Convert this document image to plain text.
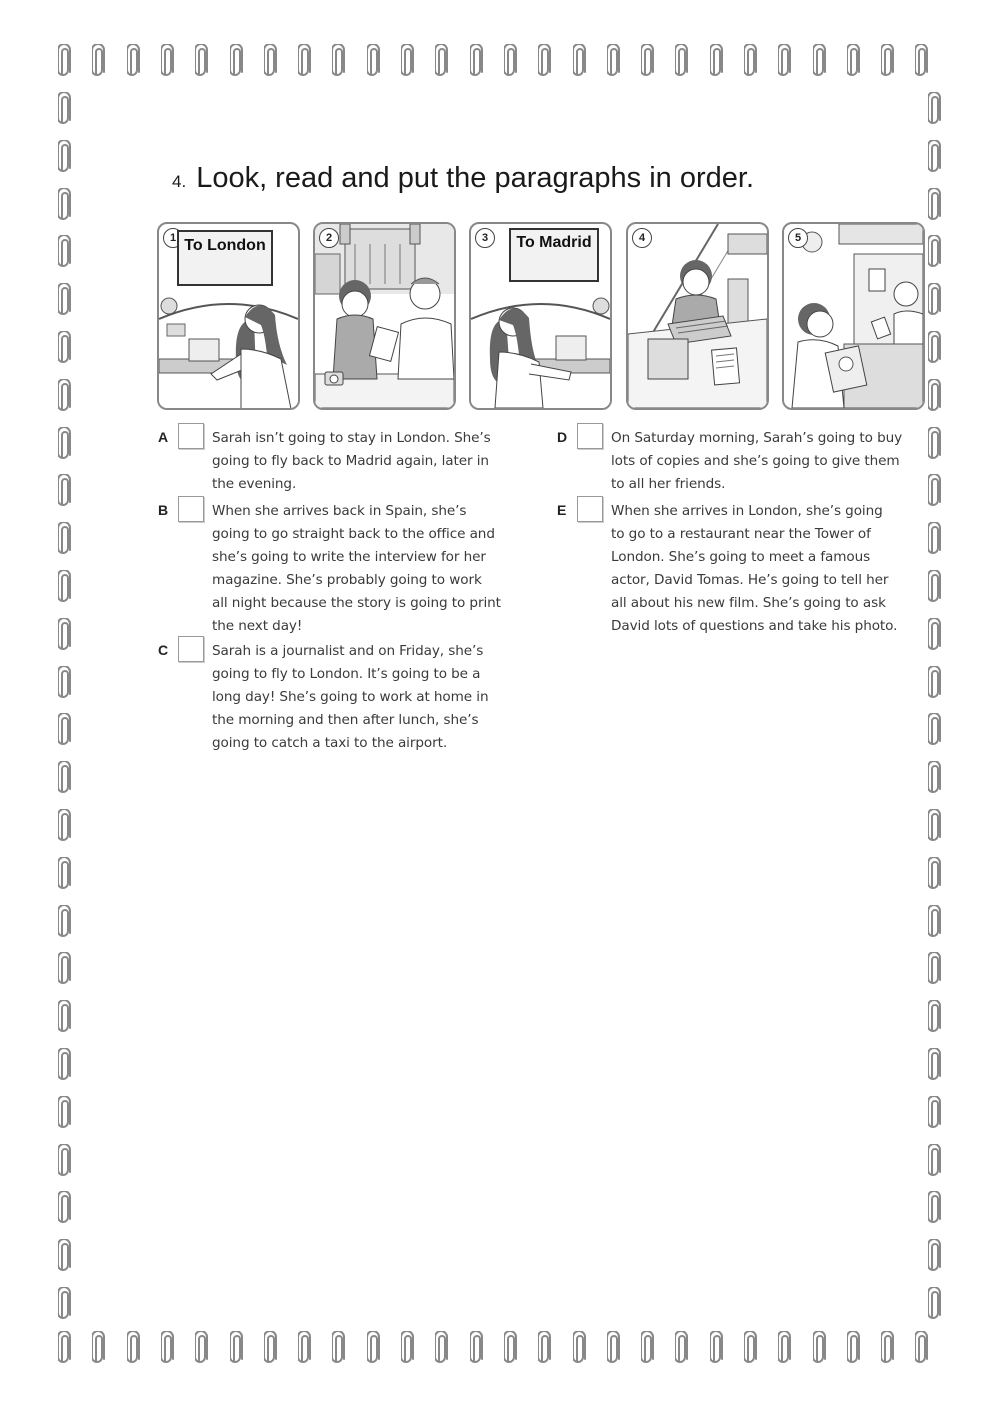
4. Look, read and put the paragraphs in order.
1 To London	2	3	To Madrid	4	5
A	Sarah isn’t going to stay in London. She’s
going to fly back to Madrid again, later in
the evening.
B	When she arrives back in Spain, she’s
going to go straight back to the office and
she’s going to write the interview for her
magazine. She’s probably going to work
all night because the story is going to print
the next day!
C	Sarah is a journalist and on Friday, she’s
going to fly to London. It’s going to be a
long day! She’s going to work at home in
the morning and then after lunch, she’s
going to catch a taxi to the airport.
D	On Saturday morning, Sarah’s going to buy
lots of copies and she’s going to give them
to all her friends.
E	When she arrives in London, she’s going
to go to a restaurant near the Tower of
London. She’s going to meet a famous
actor, David Tomas. He’s going to tell her
all about his new film. She’s going to ask
David lots of questions and take his photo.
